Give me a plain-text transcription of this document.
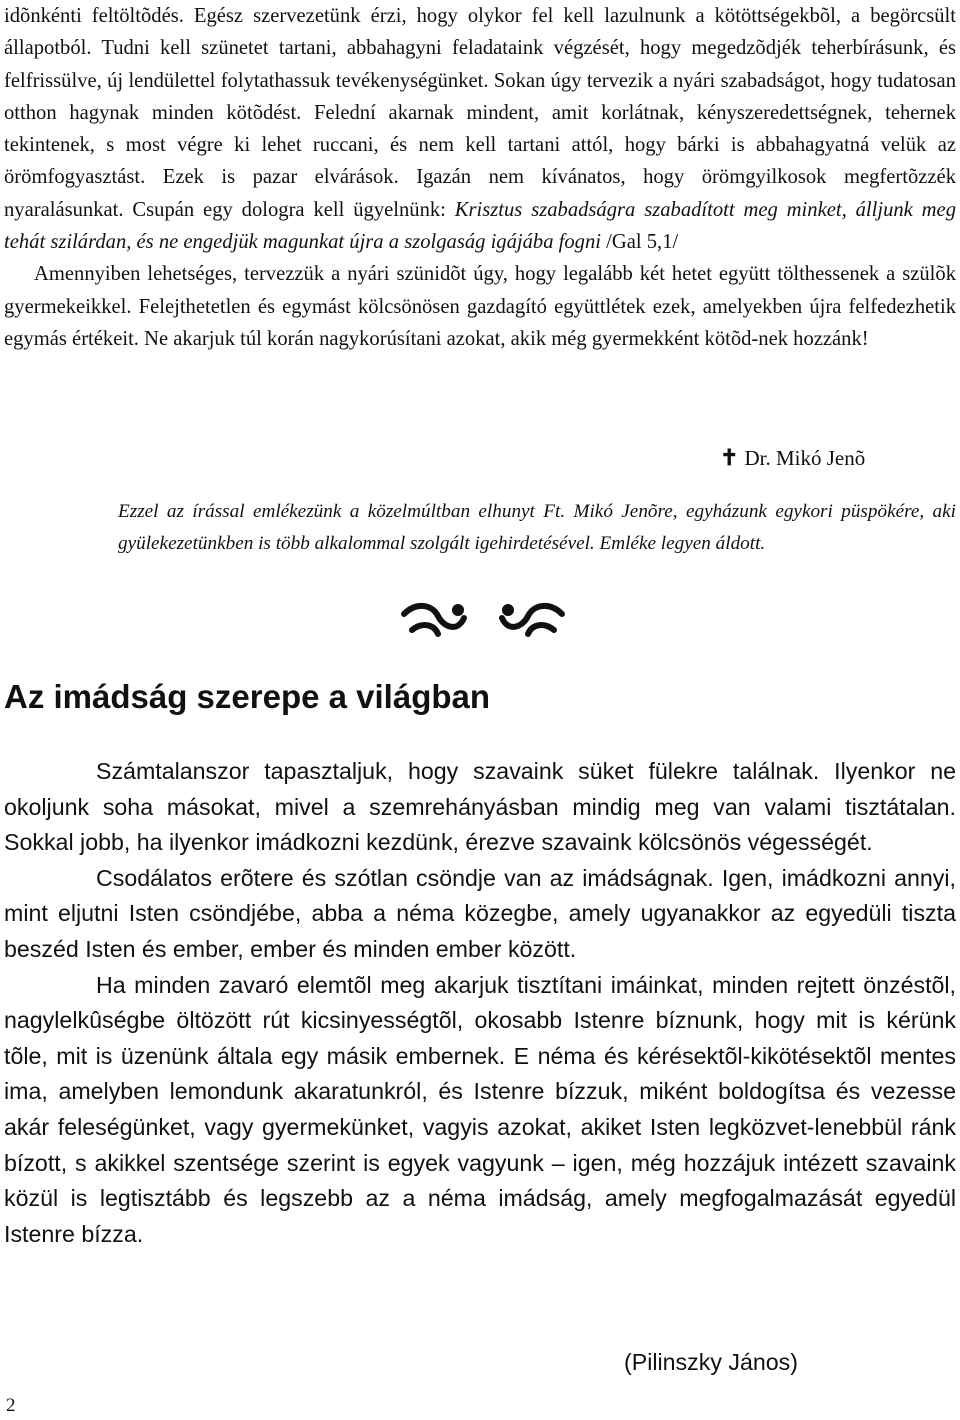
idõnkénti feltöltõdés. Egész szervezetünk érzi, hogy olykor fel kell lazulnunk a kötöttségekbõl, a begörcsült állapotból. Tudni kell szünetet tartani, abbahagyni feladataink végzését, hogy megedzõdjék teherbírásunk, és felfrissülve, új lendülettel folytathassuk tevékenységünket. Sokan úgy tervezik a nyári szabadságot, hogy tudatosan otthon hagynak minden kötõdést. Felední akarnak mindent, amit korlátnak, kényszeredettségnek, tehernek tekintenek, s most végre ki lehet ruccani, és nem kell tartani attól, hogy bárki is abbahagyatná velük az örömfogyasztást. Ezek is pazar elvárások. Igazán nem kívánatos, hogy örömgyilkosok megfertõzzék nyaralásunkat. Csupán egy dologra kell ügyelnünk: Krisztus szabadságra szabadított meg minket, álljunk meg tehát szilárdan, és ne engedjük magunkat újra a szolgaság igájába fogni /Gal 5,1/

Amennyiben lehetséges, tervezzük a nyári szünidõt úgy, hogy legalább két hetet együtt tölthessenek a szülõk gyermekeikkel. Felejthetetlen és egymást kölcsönösen gazdagító együttlétek ezek, amelyekben újra felfedezhetik egymás értékeit. Ne akarjuk túl korán nagykorúsítani azokat, akik még gyermekként kötõd-nek hozzánk!

✝ Dr. Mikó Jenõ

Ezzel az írással emlékezünk a közelmúltban elhunyt Ft. Mikó Jenõre, egyházunk egykori püspökére, aki gyülekezetünkben is több alkalommal szolgált igehirdetésével. Emléke legyen áldott.

Az imádság szerepe a világban

Számtalanszor tapasztaljuk, hogy szavaink süket fülekre találnak. Ilyenkor ne okoljunk soha másokat, mivel a szemrehányásban mindig meg van valami tisztátalan. Sokkal jobb, ha ilyenkor imádkozni kezdünk, érezve szavaink kölcsönös végességét.

Csodálatos erõtere és szótlan csöndje van az imádságnak. Igen, imádkozni annyi, mint eljutni Isten csöndjébe, abba a néma közegbe, amely ugyanakkor az egyedüli tiszta beszéd Isten és ember, ember és minden ember között.

Ha minden zavaró elemtõl meg akarjuk tisztítani imáinkat, minden rejtett önzéstõl, nagylelkûségbe öltözött rút kicsinyességtõl, okosabb Istenre bíznunk, hogy mit is kérünk tõle, mit is üzenünk általa egy másik embernek. E néma és kérésektõl-kikötésektõl mentes ima, amelyben lemondunk akaratunkról, és Istenre bízzuk, miként boldogítsa és vezesse akár feleségünket, vagy gyermekünket, vagyis azokat, akiket Isten legközvet-lenebbül ránk bízott, s akikkel szentsége szerint is egyek vagyunk – igen, még hozzájuk intézett szavaink közül is legtisztább és legszebb az a néma imádság, amely megfogalmazását egyedül Istenre bízza.

(Pilinszky János)
2
